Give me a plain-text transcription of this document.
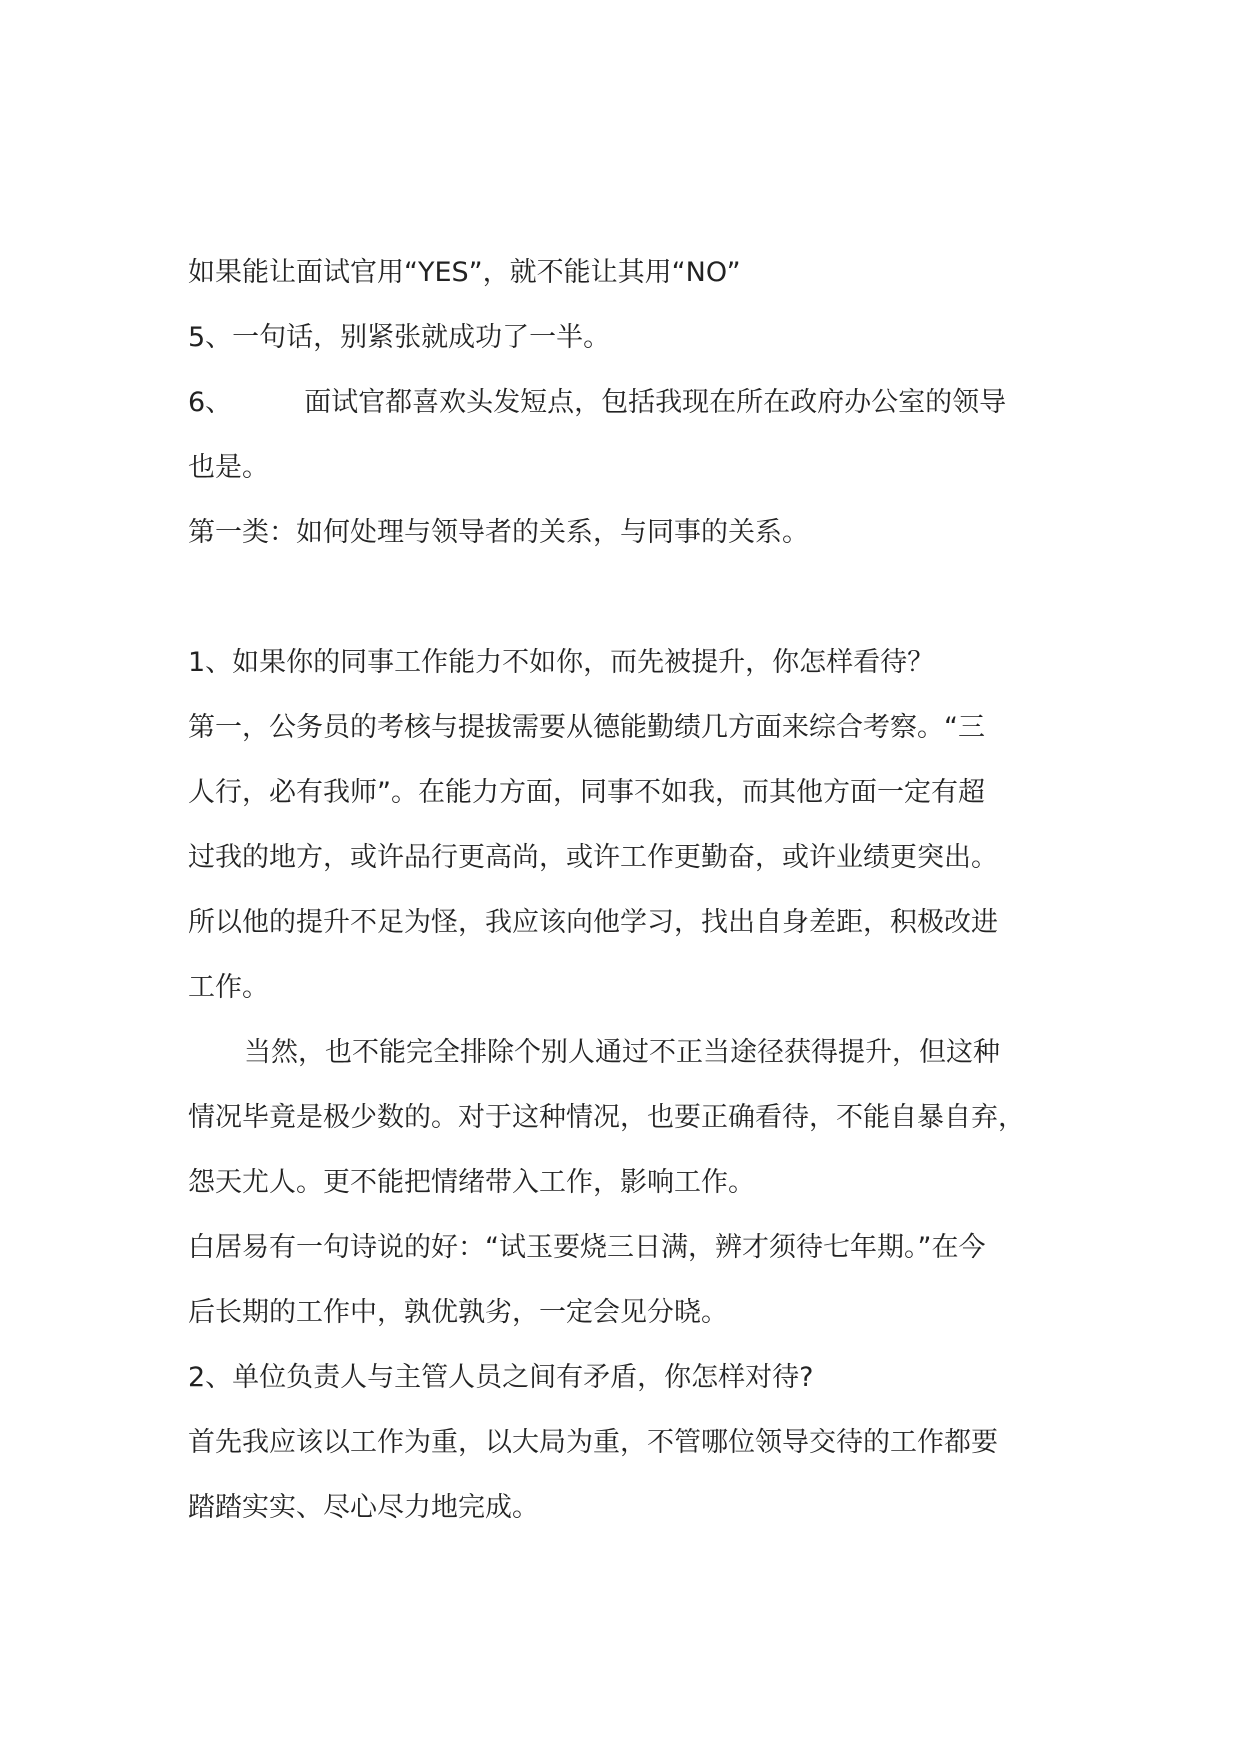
如果能让面试官用“YES”，就不能让其用“NO”
5、一句话，别紧张就成功了一半。
6、	面试官都喜欢头发短点，包括我现在所在政府办公室的领导
也是。
第一类：如何处理与领导者的关系，与同事的关系。
1、如果你的同事工作能力不如你，而先被提升，你怎样看待？
第一，公务员的考核与提拔需要从德能勤绩几方面来综合考察。“三
人行，必有我师”。在能力方面，同事不如我，而其他方面一定有超
过我的地方，或许品行更高尚，或许工作更勤奋，或许业绩更突出。
所以他的提升不足为怪，我应该向他学习，找出自身差距，积极改进
工作。
当然，也不能完全排除个别人通过不正当途径获得提升，但这种
情况毕竟是极少数的。对于这种情况，也要正确看待，不能自暴自弃，
怨天尤人。更不能把情绪带入工作，影响工作。
白居易有一句诗说的好：“试玉要烧三日满，辨才须待七年期。”在今
后长期的工作中，孰优孰劣，一定会见分晓。
2、单位负责人与主管人员之间有矛盾，你怎样对待?
首先我应该以工作为重，以大局为重，不管哪位领导交待的工作都要
踏踏实实、尽心尽力地完成。
